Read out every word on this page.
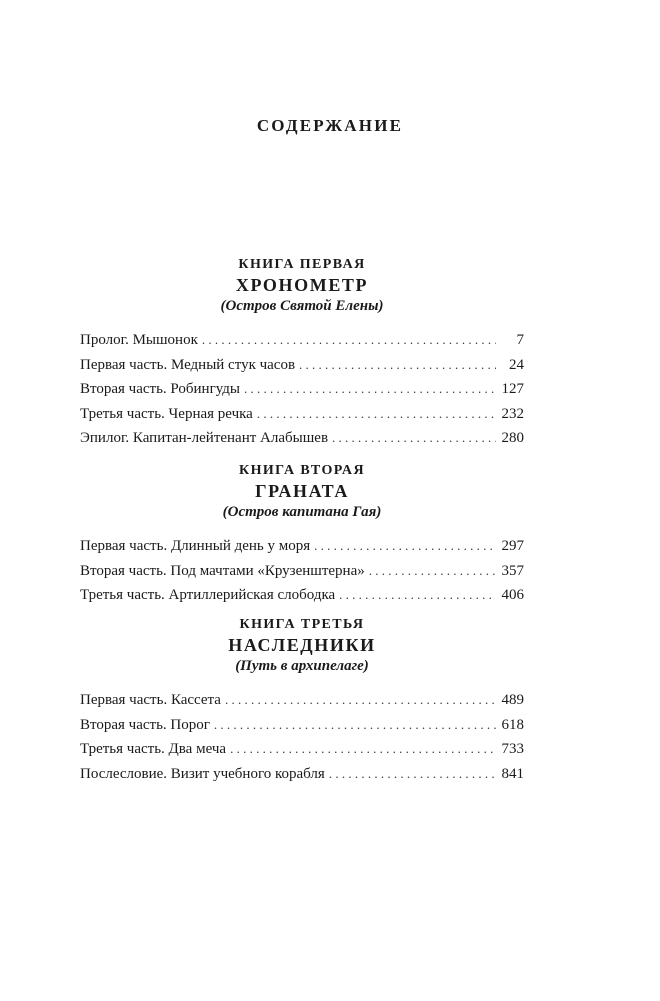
СОДЕРЖАНИЕ
КНИГА ПЕРВАЯ
ХРОНОМЕТР
(Остров Святой Елены)
Пролог. Мышонок . . .	7
Первая часть. Медный стук часов . . .	24
Вторая часть. Робингуды . . .	127
Третья часть. Черная речка . . .	232
Эпилог. Капитан-лейтенант Алабышев . . .	280
КНИГА ВТОРАЯ
ГРАНАТА
(Остров капитана Гая)
Первая часть. Длинный день у моря . . .	297
Вторая часть. Под мачтами «Крузенштерна» . . .	357
Третья часть. Артиллерийская слободка . . .	406
КНИГА ТРЕТЬЯ
НАСЛЕДНИКИ
(Путь в архипелаге)
Первая часть. Кассета . . .	489
Вторая часть. Порог . . .	618
Третья часть. Два меча . . .	733
Послесловие. Визит учебного корабля . . .	841
